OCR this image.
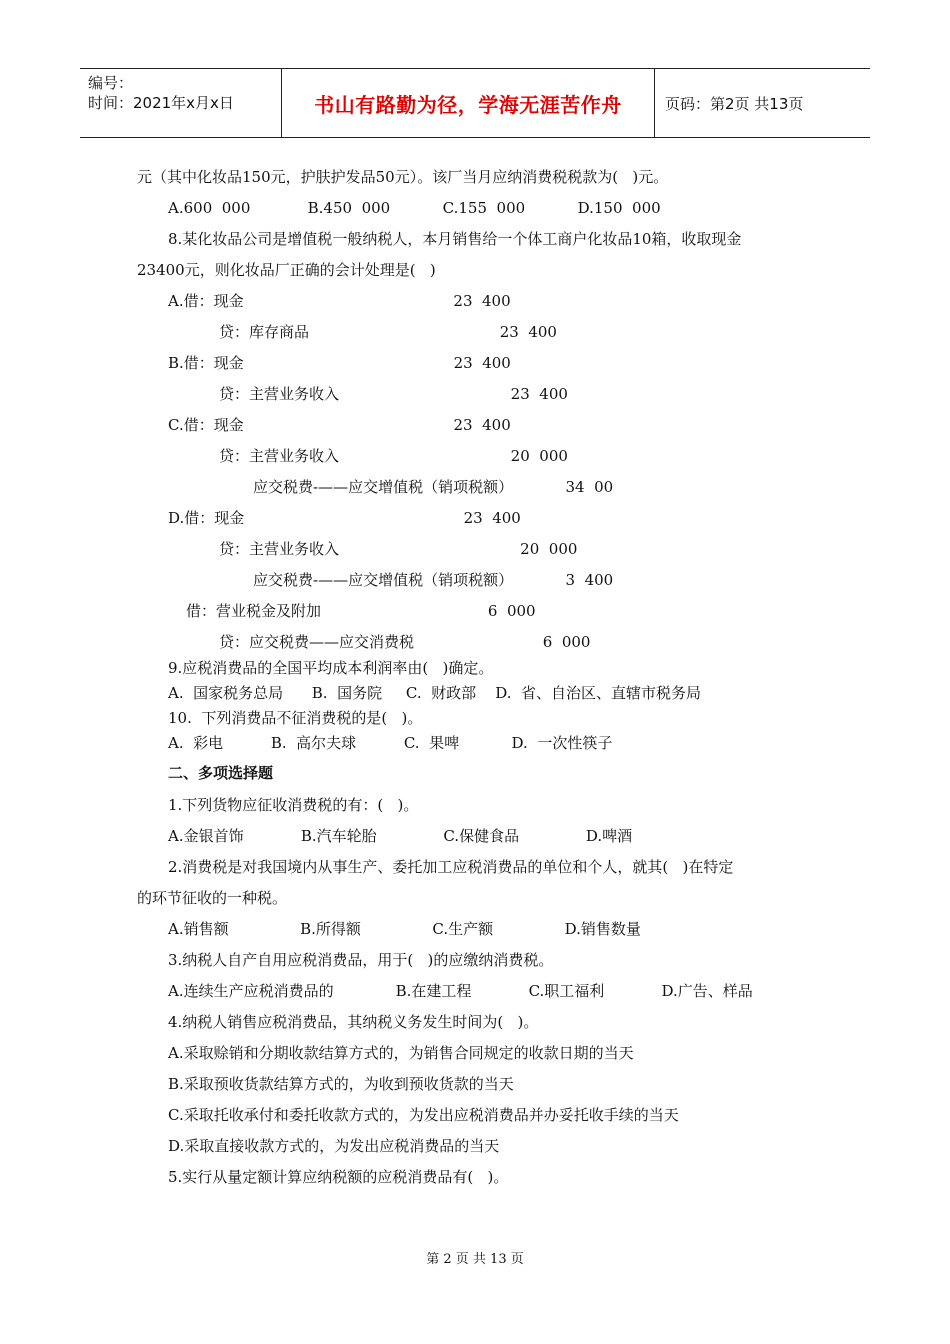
编号：
时间：2021年x月x日	书山有路勤为径，学海无涯苦作舟	页码：第2页 共13页
元（其中化妆品150元，护肤护发品50元）。该厂当月应纳消费税税款为(   )元。
A.600  000            B.450  000           C.155  000           D.150  000
8.某化妆品公司是增值税一般纳税人，本月销售给一个体工商户化妆品10箱，收取现金
23400元，则化妆品厂正确的会计处理是(   )
A.借：现金                                            23  400
贷：库存商品                                        23  400
B.借：现金                                            23  400
贷：主营业务收入                                    23  400
C.借：现金                                            23  400
贷：主营业务收入                                    20  000
应交税费-——应交增值税（销项税额）           34  00
D.借：现金                                              23  400
贷：主营业务收入                                      20  000
应交税费-——应交增值税（销项税额）           3  400
借：营业税金及附加                                   6  000
贷：应交税费——应交消费税                           6  000
9.应税消费品的全国平均成本利润率由(   )确定。
A.  国家税务总局      B.  国务院     C.  财政部    D.  省、自治区、直辖市税务局
10.  下列消费品不征消费税的是(   )。
A.  彩电          B.  高尔夫球          C.  果啤           D.  一次性筷子
二、多项选择题
1.下列货物应征收消费税的有：(   )。
A.金银首饰            B.汽车轮胎              C.保健食品              D.啤酒
2.消费税是对我国境内从事生产、委托加工应税消费品的单位和个人，就其(   )在特定
的环节征收的一种税。
A.销售额               B.所得额               C.生产额               D.销售数量
3.纳税人自产自用应税消费品，用于(   )的应缴纳消费税。
A.连续生产应税消费品的             B.在建工程            C.职工福利            D.广告、样品
4.纳税人销售应税消费品，其纳税义务发生时间为(   )。
A.采取赊销和分期收款结算方式的，为销售合同规定的收款日期的当天
B.采取预收货款结算方式的，为收到预收货款的当天
C.采取托收承付和委托收款方式的，为发出应税消费品并办妥托收手续的当天
D.采取直接收款方式的，为发出应税消费品的当天
5.实行从量定额计算应纳税额的应税消费品有(   )。
第 2 页 共 13 页
